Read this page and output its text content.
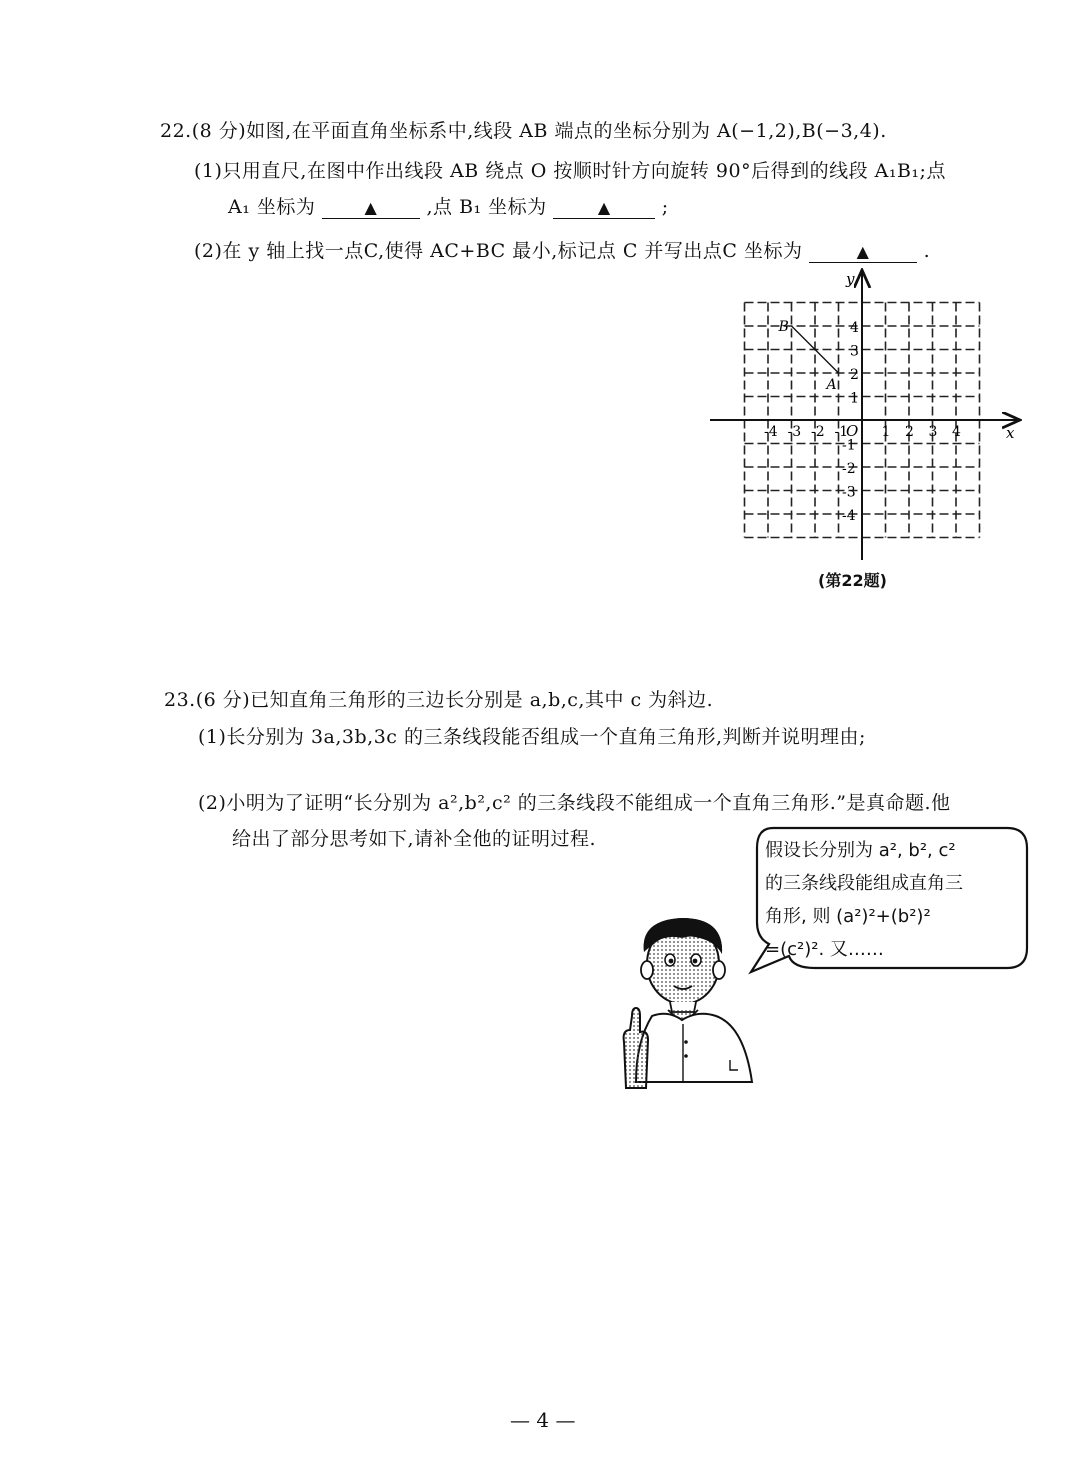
22.(8 分)如图,在平面直角坐标系中,线段 AB 端点的坐标分别为 A(−1,2),B(−3,4).
(1)只用直尺,在图中作出线段 AB 绕点 O 按顺时针方向旋转 90°后得到的线段 A₁B₁;点
A₁ 坐标为	▲	,点 B₁ 坐标为	▲	;
(2)在 y 轴上找一点C,使得 AC+BC 最小,标记点 C 并写出点C 坐标为	▲	.
-4 -3 -2 -1 1 2 3 4
4
3
2
1
-1
-2
-3
-4
x
y
O
A
B
(第22题)
23.(6 分)已知直角三角形的三边长分别是 a,b,c,其中 c 为斜边.
(1)长分别为 3a,3b,3c 的三条线段能否组成一个直角三角形,判断并说明理由;
(2)小明为了证明“长分别为 a²,b²,c² 的三条线段不能组成一个直角三角形.”是真命题.他
给出了部分思考如下,请补全他的证明过程.
假设长分别为 a², b², c²
的三条线段能组成直角三
角形, 则 (a²)²+(b²)²
=(c²)². 又……
— 4 —
